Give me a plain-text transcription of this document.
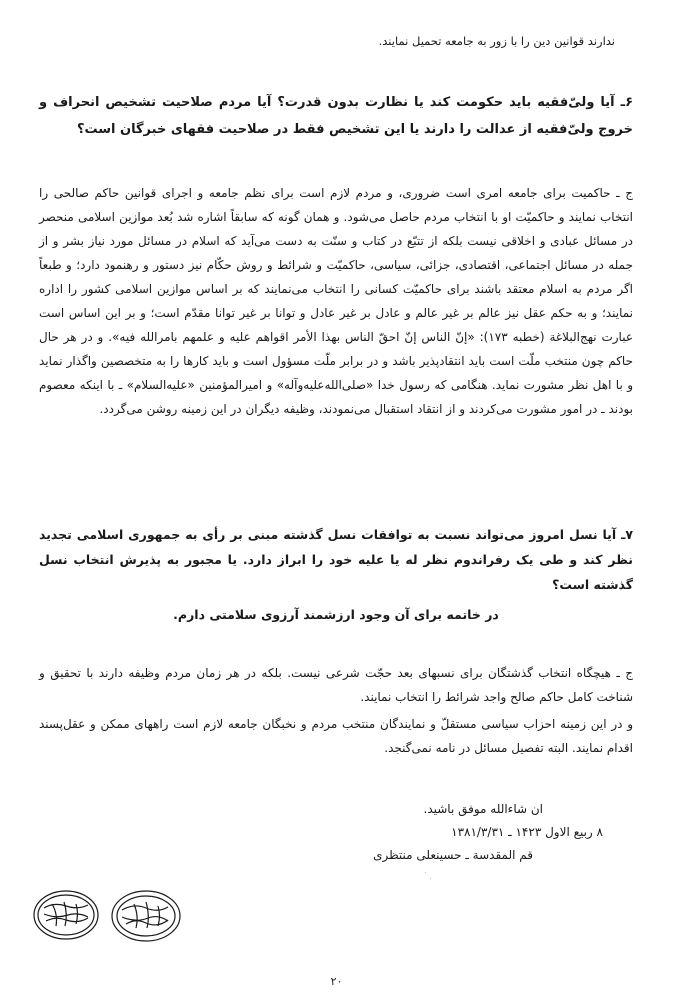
ندارند قوانین دین را با زور به جامعه تحمیل نمایند.
۶ـ آیا ولیّ‌فقیه باید حکومت کند یا نظارت بدون قدرت؟ آیا مردم صلاحیت تشخیص انحراف و خروج ولیّ‌فقیه از عدالت را دارند یا این تشخیص فقط در صلاحیت فقهای خبرگان است؟
ج ـ حاکمیت برای جامعه امری است ضروری، و مردم لازم است برای نظم جامعه و اجرای قوانین حاکم صالحی را انتخاب نمایند و حاکمیّت او با انتخاب مردم حاصل می‌شود. و همان گونه که سابقاً اشاره شد بُعد موازین اسلامی منحصر در مسائل عبادی و اخلاقی نیست بلکه از تتبّع در کتاب و سنّت به دست می‌آید که اسلام در مسائل مورد نیاز بشر و از جمله در مسائل اجتماعی، اقتصادی، جزائی، سیاسی، حاکمیّت و شرائط و روش حکّام نیز دستور و رهنمود دارد؛ و طبعاً اگر مردم به اسلام معتقد باشند برای حاکمیّت کسانی را انتخاب می‌نمایند که بر اساس موازین اسلامی کشور را اداره نمایند؛ و به حکم عقل نیز عالم بر غیر عالم و عادل بر غیر عادل و توانا بر غیر توانا مقدّم است؛ و بر این اساس است عبارت نهج‌البلاغة (خطبه ۱۷۳): «إنّ الناس إنّ احقّ الناس بهذا الأمر اقواهم علیه و علمهم بامرالله فیه». و در هر حال حاکم چون منتخب ملّت است باید انتقادپذیر باشد و در برابر ملّت مسؤول است و باید کارها را به متخصصین واگذار نماید و با اهل نظر مشورت نماید. هنگامی که رسول خدا «صلی‌الله‌علیه‌وآله» و امیرالمؤمنین «علیه‌السلام» ـ با اینکه معصوم بودند ـ در امور مشورت می‌کردند و از انتقاد استقبال می‌نمودند، وظیفه دیگران در این زمینه روشن می‌گردد.
۷ـ آیا نسل امروز می‌تواند نسبت به توافقات نسل گذشته مبنی بر رأی به جمهوری اسلامی تجدید نظر کند و طی یک رفراندوم نظر له یا علیه خود را ابراز دارد. یا مجبور به پذیرش انتخاب نسل گذشته است؟
در خاتمه برای آن وجود ارزشمند آرزوی سلامتی دارم.

ج ـ هیچگاه انتخاب گذشتگان برای نسبهای بعد حجّت شرعی نیست. بلکه در هر زمان مردم وظیفه دارند با تحقیق و شناخت کامل حاکم صالح واجد شرائط را انتخاب نمایند.

و در این زمینه احزاب سیاسی مستقلّ و نمایندگان منتخب مردم و نخبگان جامعه لازم است راههای ممکن و عقل‌پسند اقدام نمایند. البته تفصیل مسائل در نامه نمی‌گنجد.

ان شاءالله موفق باشید.
۸ ربیع الاول ۱۴۲۳ ـ ۱۳۸۱/۳/۳۱
قم المقدسة ـ حسینعلی منتظری
۲۰
